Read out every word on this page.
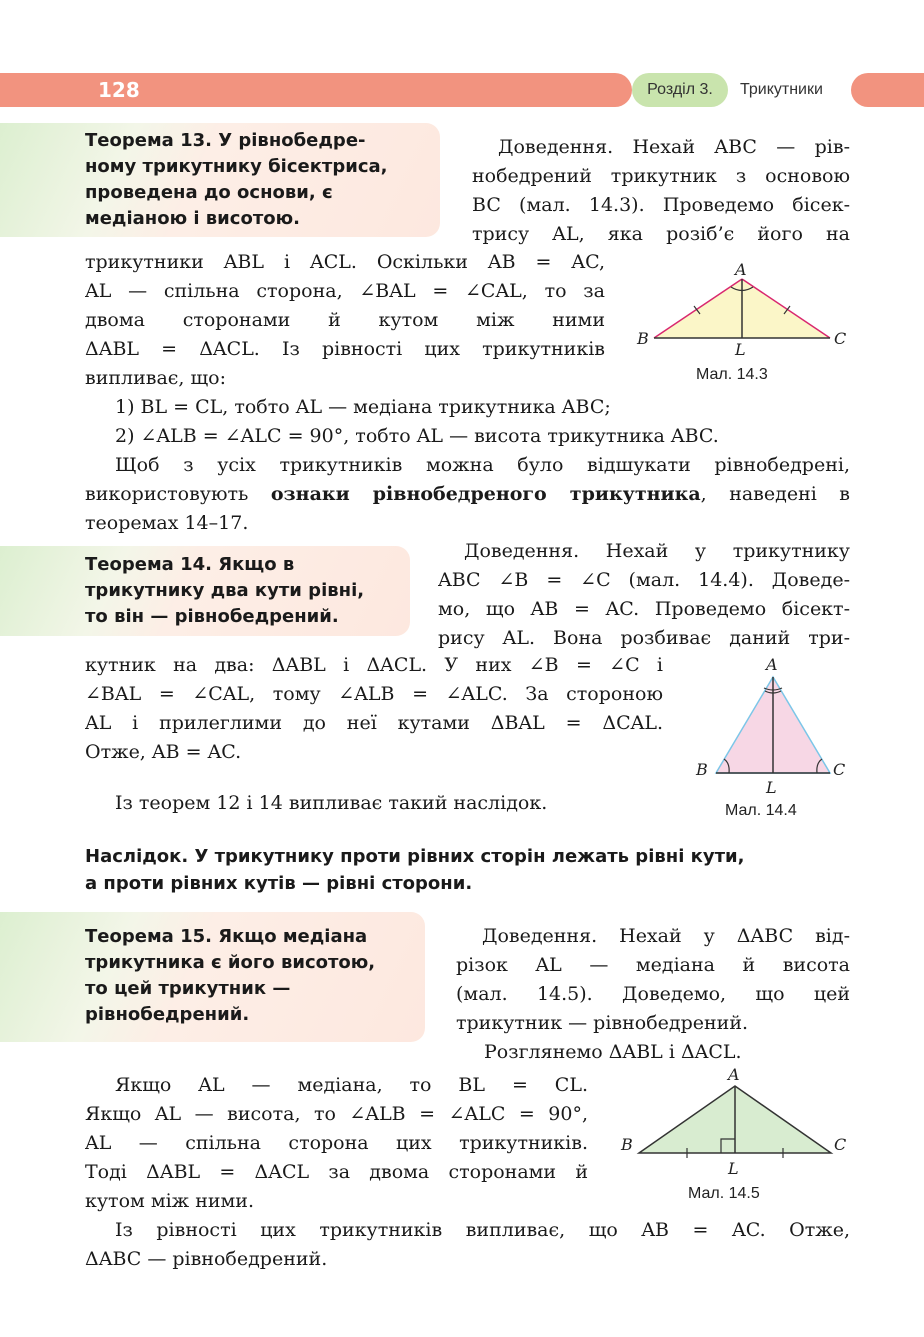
128	Розділ 3.	Трикутники
Теорема 13. У рівнобедре-
ному трикутнику бісектриса,
проведена до основи, є
медіаною і висотою.
Доведення. Нехай ABC — рів-
нобедрений трикутник з основою
BC (мал. 14.3). Проведемо бісек-
трису AL, яка розіб’є його на
трикутники ABL і ACL. Оскільки AB = AC,
AL — спільна сторона, ∠BAL = ∠CAL, то за
двома сторонами й кутом між ними
ΔABL = ΔACL. Із рівності цих трикутників
випливає, що:
A
B
L
C
Мал. 14.3
1) BL = CL, тобто AL — медіана трикутника ABC;
2) ∠ALB = ∠ALC = 90°, тобто AL — висота трикутника ABC.
Щоб з усіх трикутників можна було відшукати рівнобедрені,
використовують ознаки рівнобедреного трикутника, наведені в
теоремах 14–17.
Теорема 14. Якщо в
трикутнику два кути рівні,
то він — рівнобедрений.
Доведення. Нехай у трикутнику
ABC ∠B = ∠C (мал. 14.4). Доведе-
мо, що AB = AC. Проведемо бісект-
рису AL. Вона розбиває даний три-
кутник на два: ΔABL і ΔACL. У них ∠B = ∠C і
∠BAL = ∠CAL, тому ∠ALB = ∠ALC. За стороною
AL і прилеглими до неї кутами ΔBAL = ΔCAL.
Отже, AB = AC.
A
B
L
C
Мал. 14.4
Із теорем 12 і 14 випливає такий наслідок.
Наслідок. У трикутнику проти рівних сторін лежать рівні кути,
а проти рівних кутів — рівні сторони.
Теорема 15. Якщо медіана
трикутника є його висотою,
то цей трикутник —
рівнобедрений.
Доведення. Нехай у ΔABC від-
різок AL — медіана й висота
(мал. 14.5). Доведемо, що цей
трикутник — рівнобедрений.
Розглянемо ΔABL і ΔACL.
Якщо AL — медіана, то BL = CL.
Якщо AL — висота, то ∠ALB = ∠ALC = 90°,
AL — спільна сторона цих трикутників.
Тоді ΔABL = ΔACL за двома сторонами й
кутом між ними.
A
B
L
C
Мал. 14.5
Із рівності цих трикутників випливає, що AB = AC. Отже,
ΔABC — рівнобедрений.
